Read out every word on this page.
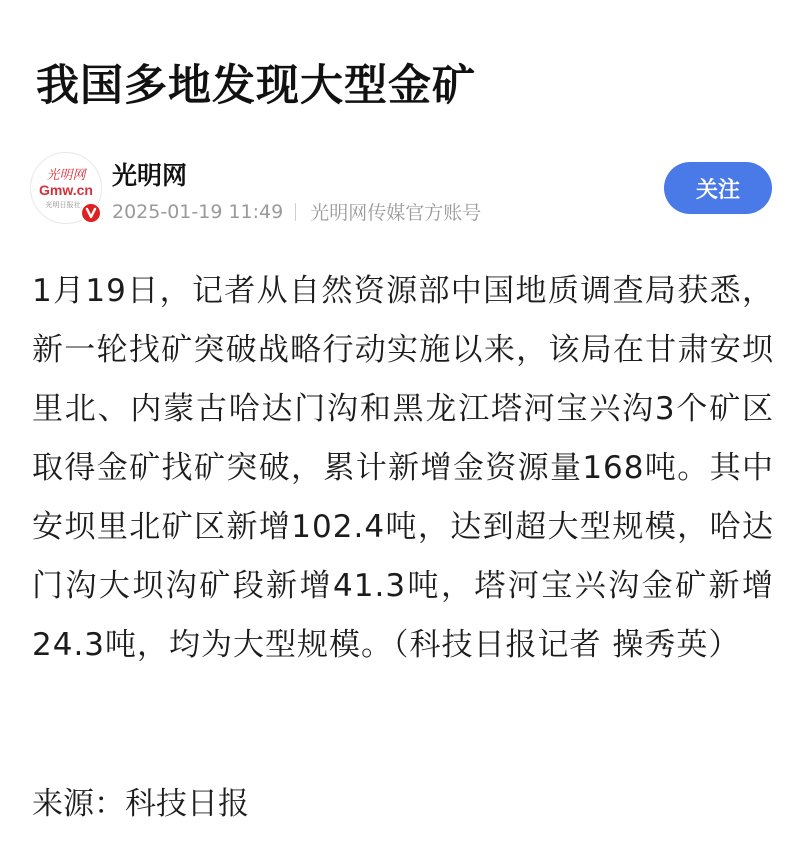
我国多地发现大型金矿
光明网
Gmw.cn
光明日报社
光明网
2025-01-19 11:49 光明网传媒官方账号
关注

1月19日，记者从自然资源部中国地质调查局获悉，新一轮找矿突破战略行动实施以来，该局在甘肃安坝里北、内蒙古哈达门沟和黑龙江塔河宝兴沟3个矿区取得金矿找矿突破，累计新增金资源量168吨。其中安坝里北矿区新增102.4吨，达到超大型规模，哈达门沟大坝沟矿段新增41.3吨，塔河宝兴沟金矿新增24.3吨，均为大型规模。（科技日报记者 操秀英）

来源：科技日报
